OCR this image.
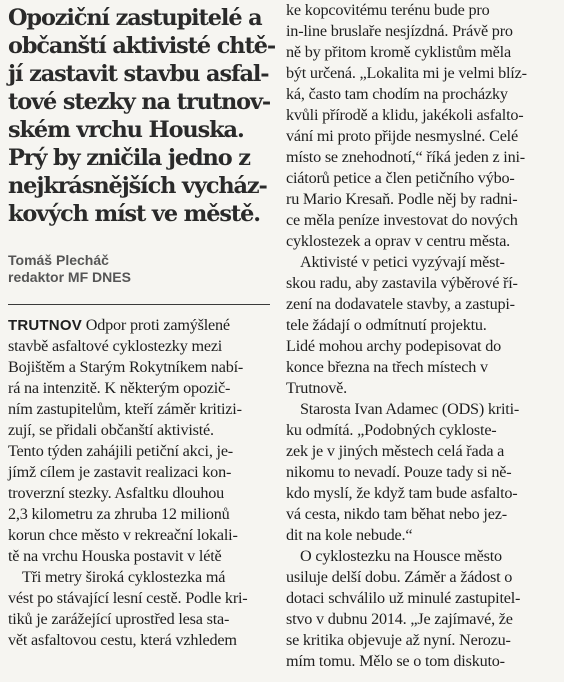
Opoziční zastupitelé a

občanští aktivisté chtě-

jí zastavit stavbu asfal-

tové stezky na trutnov-

ském vrchu Houska.

Prý by zničila jedno z

nejkrásnějších vycház-

kových míst ve městě.

Tomáš Plecháč
redaktor MF DNES

TRUTNOV Odpor proti zamýšlené
stavbě asfaltové cyklostezky mezi
Bojištěm a Starým Rokytníkem nabí-
rá na intenzitě. K některým opozič-
ním zastupitelům, kteří záměr kritizi-
zují, se přidali občanští aktivisté.
Tento týden zahájili petiční akci, je-
jímž cílem je zastavit realizaci kon-
troverzní stezky. Asfaltku dlouhou
2,3 kilometru za zhruba 12 milionů
korun chce město v rekreační lokali-
tě na vrchu Houska postavit v létě

Tři metry široká cyklostezka má
vést po stávající lesní cestě. Podle kri-
tiků je zarážející uprostřed lesa sta-
vět asfaltovou cestu, která vzhledem

ke kopcovitému terénu bude pro
in-line bruslaře nesjízdná. Právě pro
ně by přitom kromě cyklistům měla
být určená. „Lokalita mi je velmi blíz-
ká, často tam chodím na procházky
kvůli přírodě a klidu, jakékoli asfalto-
vání mi proto přijde nesmyslné. Celé
místo se znehodnotí,“ říká jeden z ini-
ciátorů petice a člen petičního výbo-
ru Mario Kresaň. Podle něj by radni-
ce měla peníze investovat do nových
cyklostezek a oprav v centru města.

Aktivisté v petici vyzývají měst-
skou radu, aby zastavila výběrové ří-
zení na dodavatele stavby, a zastupi-
tele žádají o odmítnutí projektu.
Lidé mohou archy podepisovat do
konce března na třech místech v
Trutnově.

Starosta Ivan Adamec (ODS) kriti-
ku odmítá. „Podobných cykloste-
zek je v jiných městech celá řada a
nikomu to nevadí. Pouze tady si ně-
kdo myslí, že když tam bude asfalto-
vá cesta, nikdo tam běhat nebo jez-
dit na kole nebude.“

O cyklostezku na Housce město
usiluje delší dobu. Záměr a žádost o
dotaci schválilo už minulé zastupitel-
stvo v dubnu 2014. „Je zajímavé, že
se kritika objevuje až nyní. Nerozu-
mím tomu. Mělo se o tom diskuto-
